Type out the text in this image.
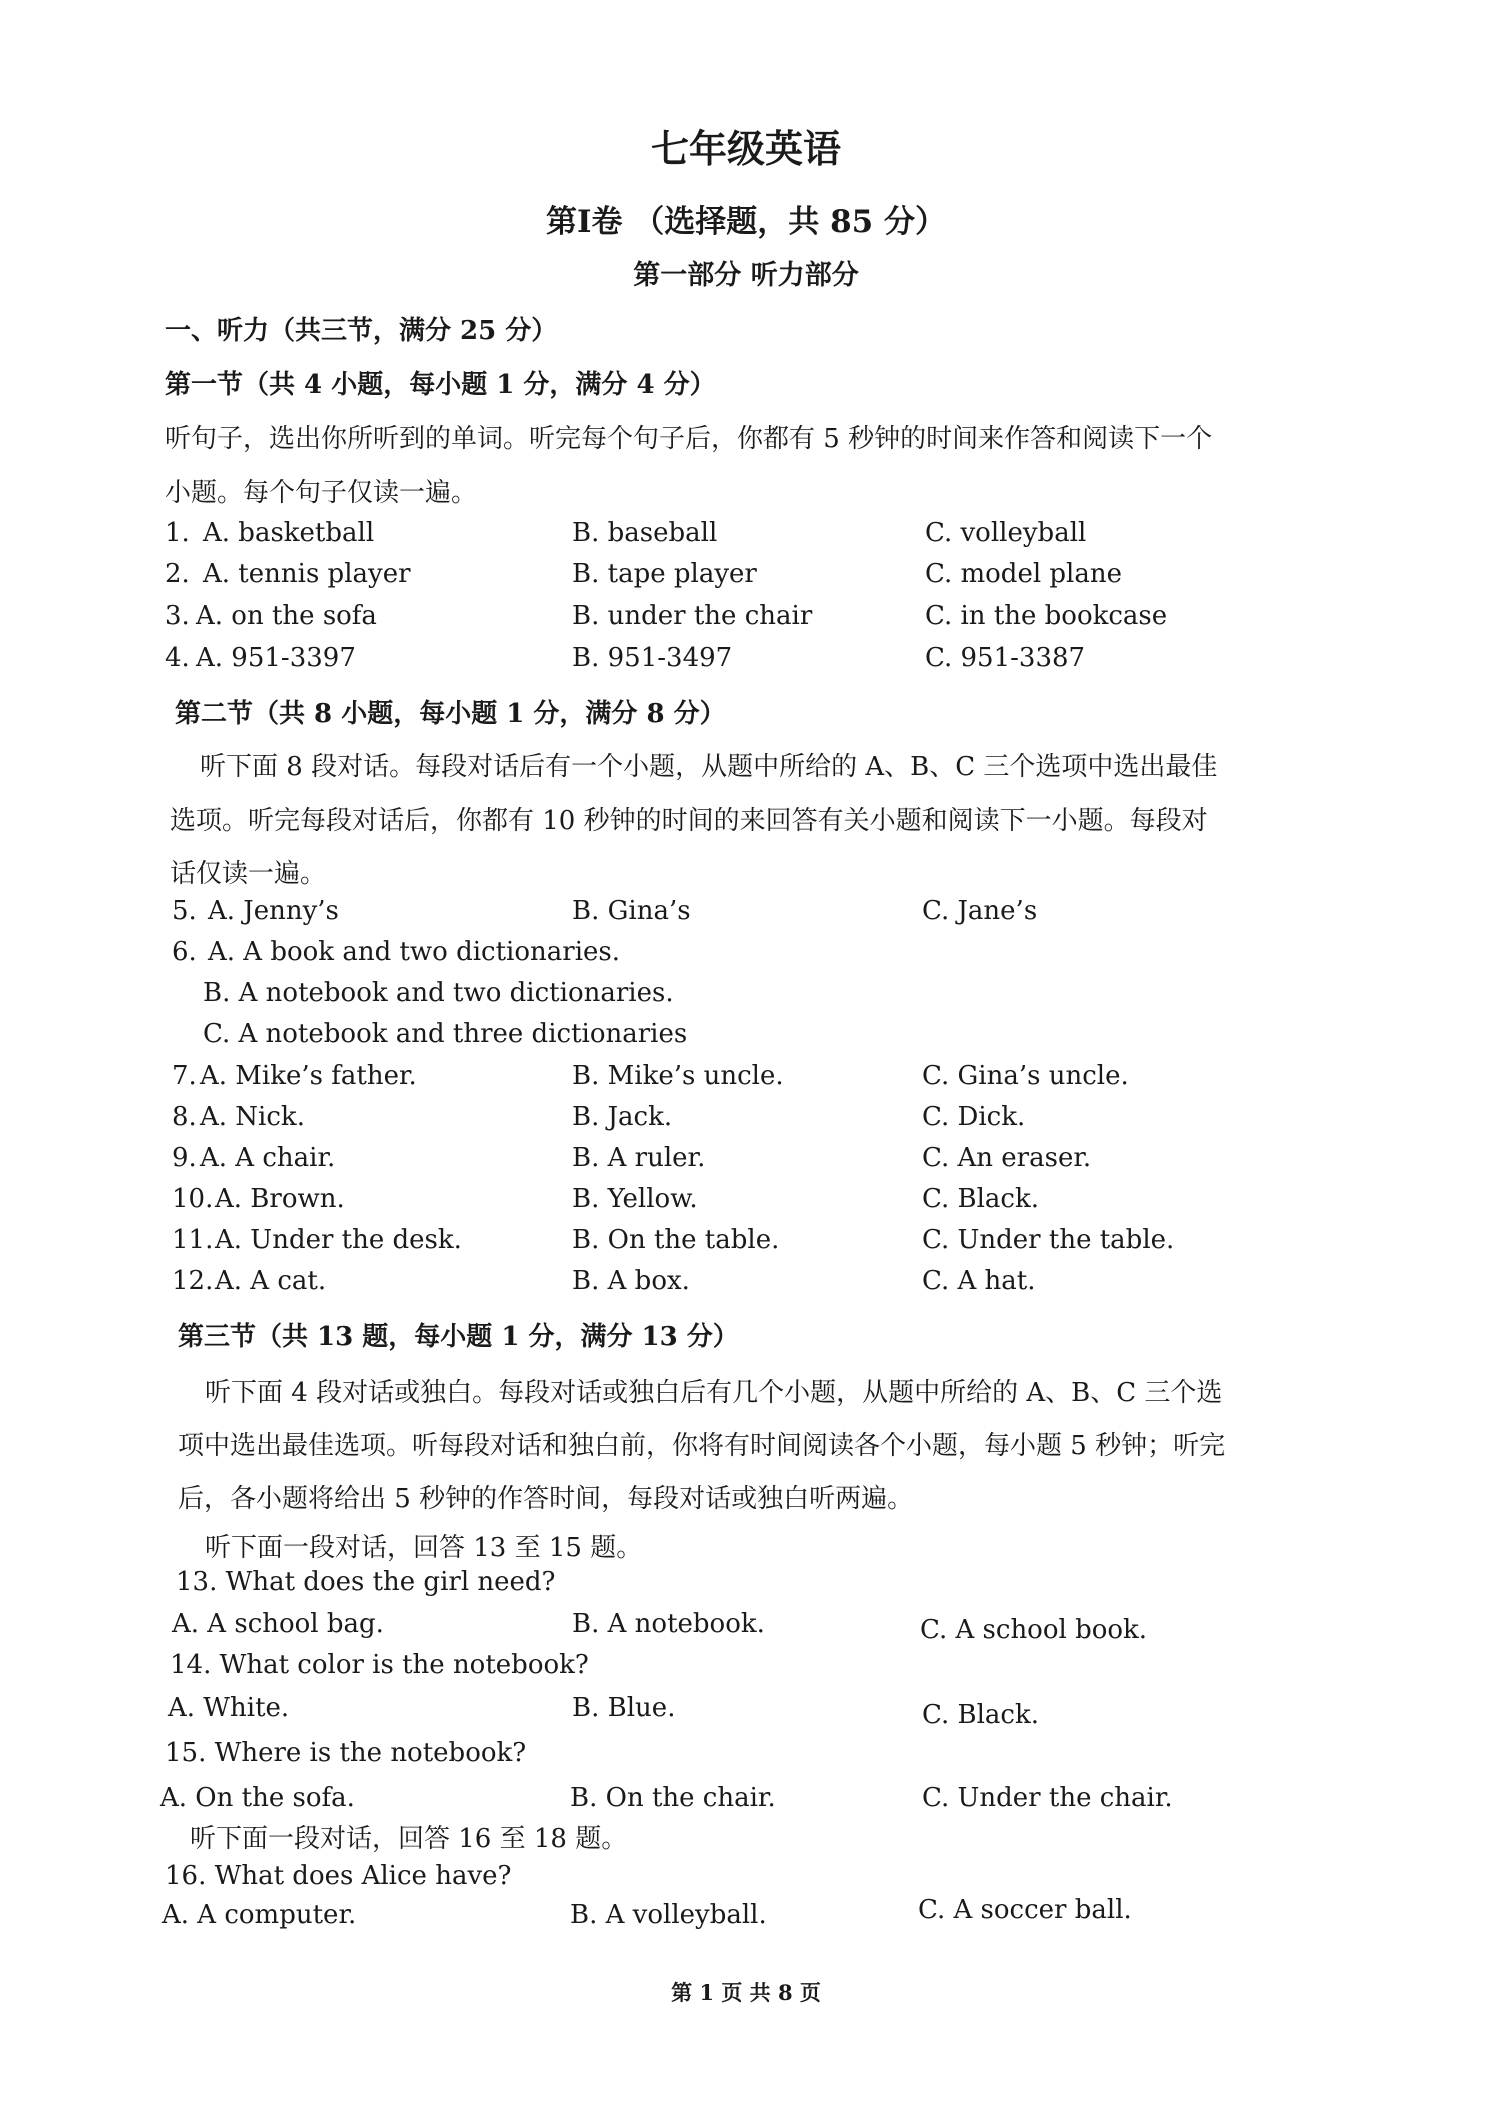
七年级英语
第Ⅰ卷 （选择题，共 85 分）
第一部分 听力部分
一、听力（共三节，满分 25 分）
第一节（共 4 小题，每小题 1 分，满分 4 分）
听句子，选出你所听到的单词。听完每个句子后，你都有 5 秒钟的时间来作答和阅读下一个
小题。每个句子仅读一遍。
1. A. basketball	B. baseball	C. volleyball
2. A. tennis player	B. tape player	C. model plane
3. A. on the sofa	B. under the chair	C. in the bookcase
4. A. 951-3397	B. 951-3497	C. 951-3387
第二节（共 8 小题，每小题 1 分，满分 8 分）
听下面 8 段对话。每段对话后有一个小题，从题中所给的 A、B、C 三个选项中选出最佳
选项。听完每段对话后，你都有 10 秒钟的时间的来回答有关小题和阅读下一小题。每段对
话仅读一遍。
5. A. Jenny’s	B. Gina’s	C. Jane’s
6. A. A book and two dictionaries.
B. A notebook and two dictionaries.
C. A notebook and three dictionaries
7. A. Mike’s father.	B. Mike’s uncle.	C. Gina’s uncle.
8. A. Nick.	B. Jack.	C. Dick.
9. A. A chair.	B. A ruler.	C. An eraser.
10. A. Brown.	B. Yellow.	C. Black.
11. A. Under the desk.	B. On the table.	C. Under the table.
12. A. A cat.	B. A box.	C. A hat.
第三节（共 13 题，每小题 1 分，满分 13 分）
听下面 4 段对话或独白。每段对话或独白后有几个小题，从题中所给的 A、B、C 三个选
项中选出最佳选项。听每段对话和独白前，你将有时间阅读各个小题，每小题 5 秒钟；听完
后，各小题将给出 5 秒钟的作答时间，每段对话或独白听两遍。
听下面一段对话，回答 13 至 15 题。
13. What does the girl need?
A. A school bag.	B. A notebook.	C. A school book.
14. What color is the notebook?
A. White.	B. Blue.	C. Black.
15. Where is the notebook?
A. On the sofa.	B. On the chair.	C. Under the chair.
听下面一段对话，回答 16 至 18 题。
16. What does Alice have?
A. A computer.	B. A volleyball.	C. A soccer ball.
第 1 页 共 8 页
